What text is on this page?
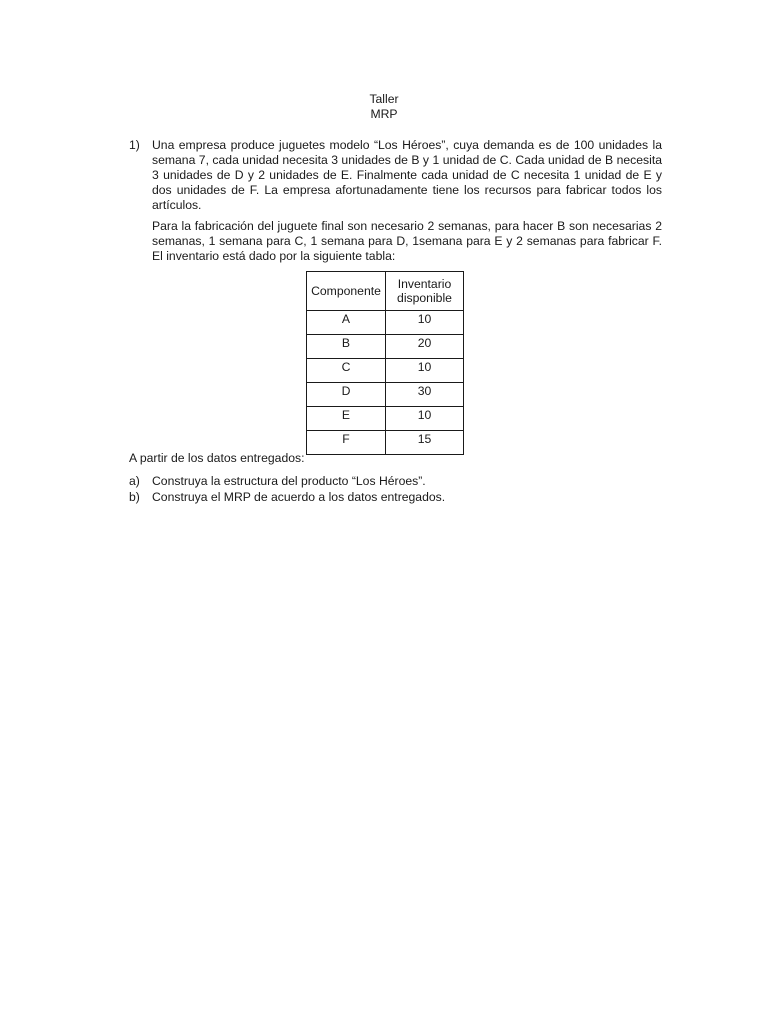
Taller
MRP
1) Una empresa produce juguetes modelo “Los Héroes”, cuya demanda es de 100 unidades la semana 7, cada unidad necesita 3 unidades de B y 1 unidad de C. Cada unidad de B necesita 3 unidades de D y 2 unidades de E. Finalmente cada unidad de C necesita 1 unidad de E y dos unidades de F. La empresa afortunadamente tiene los recursos para fabricar todos los artículos.

Para la fabricación del juguete final son necesario 2 semanas, para hacer B son necesarias 2 semanas, 1 semana para C, 1 semana para D, 1semana para E y 2 semanas para fabricar F. El inventario está dado por la siguiente tabla:

Componente	Inventario disponible
A	10
B	20
C	10
D	30
E	10
F	15
A partir de los datos entregados:
a) Construya la estructura del producto “Los Héroes”.
b) Construya el MRP de acuerdo a los datos entregados.
